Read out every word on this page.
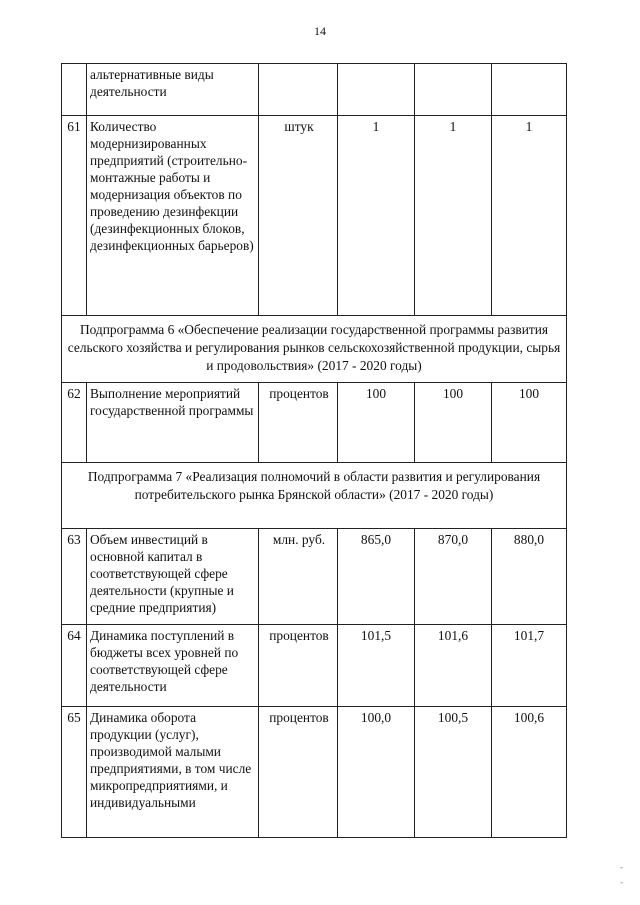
14
	альтернативные виды деятельности				
61	Количество модернизированных предприятий (строительно-монтажные работы и модернизация объектов по проведению дезинфекции (дезинфекционных блоков, дезинфекционных барьеров)	штук	1	1	1
Подпрограмма 6 «Обеспечение реализации государственной программы развития сельского хозяйства и регулирования рынков сельскохозяйственной продукции, сырья и продовольствия» (2017 - 2020 годы)					
62	Выполнение мероприятий государственной программы	процентов	100	100	100
Подпрограмма 7 «Реализация полномочий в области развития и регулирования потребительского рынка Брянской области» (2017 - 2020 годы)					
63	Объем инвестиций в основной капитал в соответствующей сфере деятельности (крупные и средние предприятия)	млн. руб.	865,0	870,0	880,0
64	Динамика поступлений в бюджеты всех уровней по соответствующей сфере деятельности	процентов	101,5	101,6	101,7
65	Динамика оборота продукции (услуг), производимой малыми предприятиями, в том числе микропредприятиями, и индивидуальными	процентов	100,0	100,5	100,6
-
-
